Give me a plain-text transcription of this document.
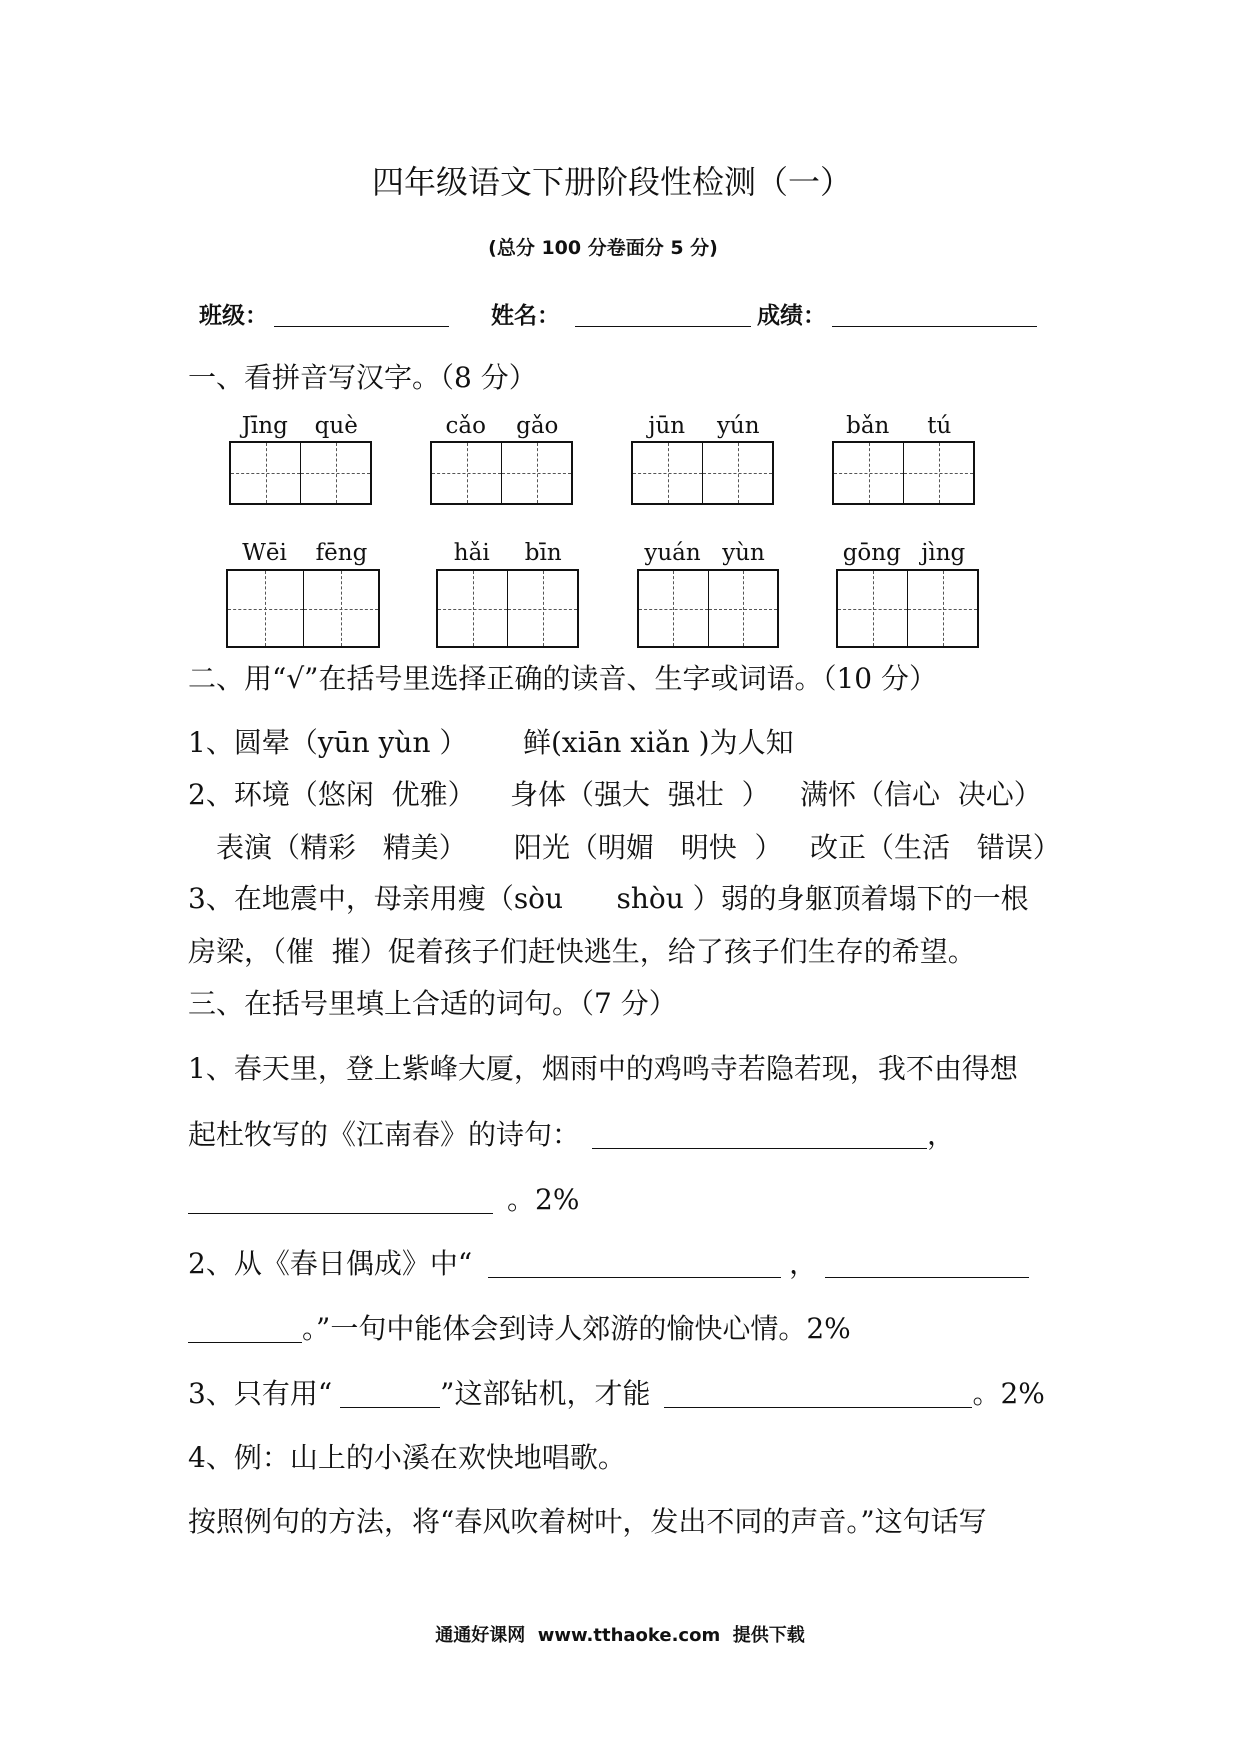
四年级语文下册阶段性检测（一）
(总分 100 分卷面分 5 分)
班级：	姓名：	成绩：
一、看拼音写汉字。（8 分）
Jīng	què	cǎo	gǎo	jūn	yún	bǎn	tú
Wēi	fēng	hǎi	bīn	yuán yùn	gōng jìng
二、用“√”在括号里选择正确的读音、生字或词语。（10 分）
1、圆晕（yūn yùn ） 鲜(xiān xiǎn )为人知
2、环境（悠闲  优雅） 身体（强大  强壮  ） 满怀（信心  决心）
表演（精彩   精美） 阳光（明媚   明快  ） 改正（生活   错误）
3、在地震中，母亲用瘦（sòu      shòu ）弱的身躯顶着塌下的一根
房梁，（催  摧）促着孩子们赶快逃生，给了孩子们生存的希望。
三、在括号里填上合适的词句。（7 分）
1、春天里，登上紫峰大厦，烟雨中的鸡鸣寺若隐若现，我不由得想
起杜牧写的《江南春》的诗句：	，
。2%
2、从《春日偶成》中“	，
。”一句中能体会到诗人郊游的愉快心情。2%
3、只有用“	”这部钻机，才能	。2%
4、例：山上的小溪在欢快地唱歌。
按照例句的方法，将“春风吹着树叶，发出不同的声音。”这句话写
通通好课网  www.tthaoke.com  提供下载
